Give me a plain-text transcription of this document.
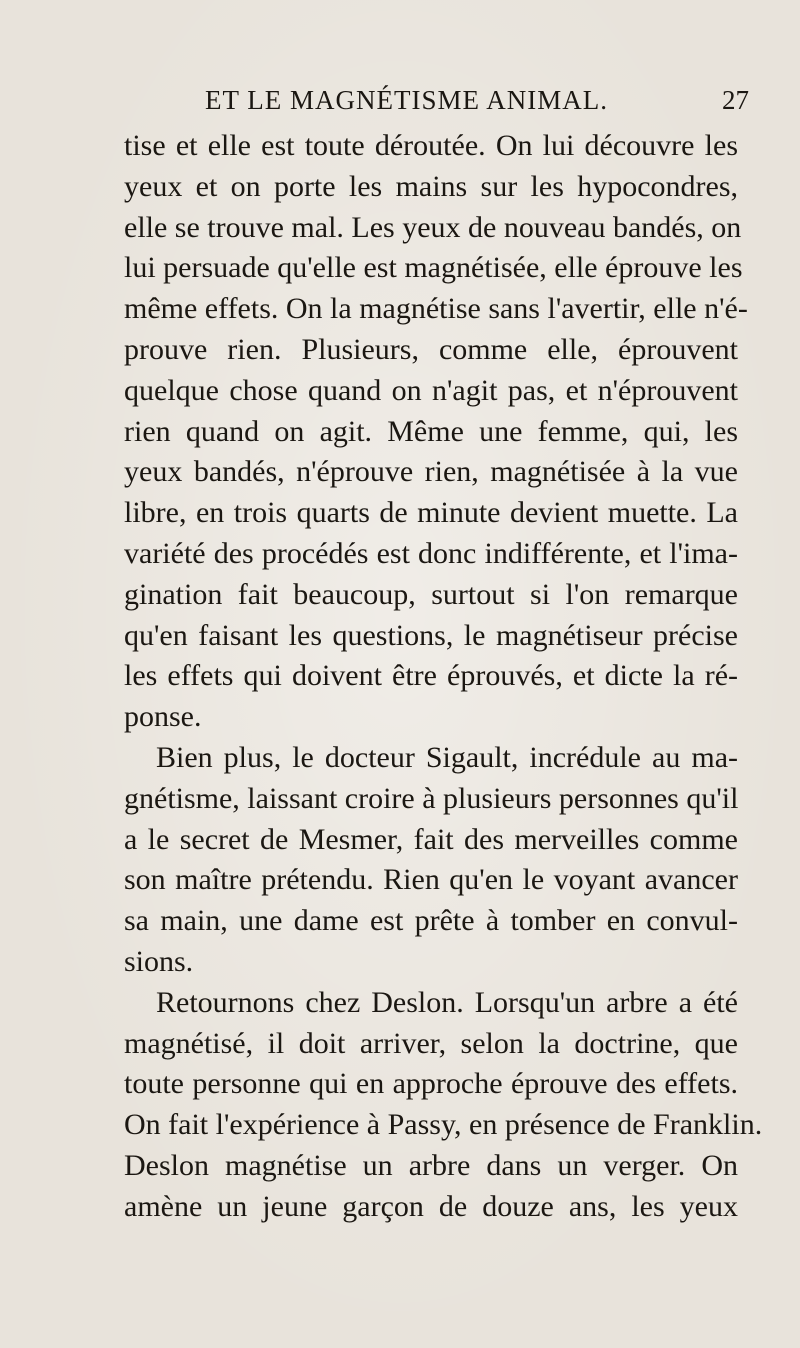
ET LE MAGNÉTISME ANIMAL.	27
tise et elle est toute déroutée. On lui découvre les
yeux et on porte les mains sur les hypocondres,
elle se trouve mal. Les yeux de nouveau bandés, on
lui persuade qu'elle est magnétisée, elle éprouve les
même effets. On la magnétise sans l'avertir, elle n'é-
prouve rien. Plusieurs, comme elle, éprouvent
quelque chose quand on n'agit pas, et n'éprouvent
rien quand on agit. Même une femme, qui, les
yeux bandés, n'éprouve rien, magnétisée à la vue
libre, en trois quarts de minute devient muette. La
variété des procédés est donc indifférente, et l'ima-
gination fait beaucoup, surtout si l'on remarque
qu'en faisant les questions, le magnétiseur précise
les effets qui doivent être éprouvés, et dicte la ré-
ponse.
Bien plus, le docteur Sigault, incrédule au ma-
gnétisme, laissant croire à plusieurs personnes qu'il
a le secret de Mesmer, fait des merveilles comme
son maître prétendu. Rien qu'en le voyant avancer
sa main, une dame est prête à tomber en convul-
sions.
Retournons chez Deslon. Lorsqu'un arbre a été
magnétisé, il doit arriver, selon la doctrine, que
toute personne qui en approche éprouve des effets.
On fait l'expérience à Passy, en présence de Franklin.
Deslon magnétise un arbre dans un verger. On
amène un jeune garçon de douze ans, les yeux
